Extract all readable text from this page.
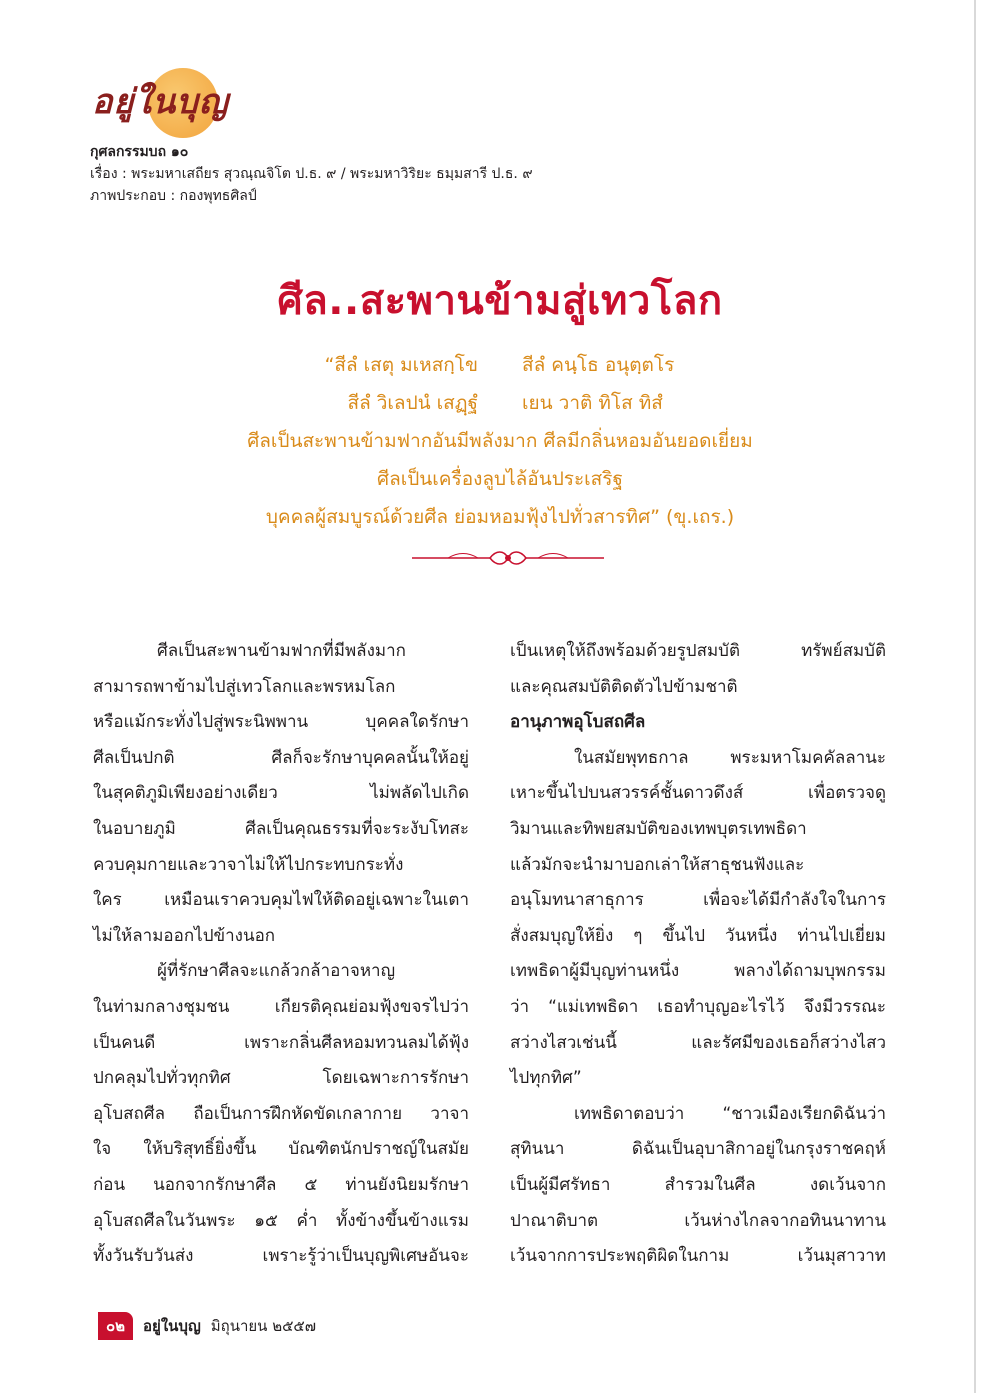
อยู่ในบุญ
กุศลกรรมบถ ๑๐
เรื่อง : พระมหาเสถียร สุวณฺณจิโต ป.ธ. ๙ / พระมหาวิริยะ ธมฺมสารี ป.ธ. ๙
ภาพประกอบ : กองพุทธศิลป์
ศีล..สะพานข้ามสู่เทวโลก
“สีลํ เสตุ มเหสกฺโข สีลํ คนฺโธ อนุตฺตโร
สีลํ วิเลปนํ เสฏฺฐํ เยน วาติ ทิโส ทิสํ
ศีลเป็นสะพานข้ามฟากอันมีพลังมาก ศีลมีกลิ่นหอมอันยอดเยี่ยม
ศีลเป็นเครื่องลูบไล้อันประเสริฐ
บุคคลผู้สมบูรณ์ด้วยศีล ย่อมหอมฟุ้งไปทั่วสารทิศ” (ขุ.เถร.)

ศีลเป็นสะพานข้ามฟากที่มีพลังมาก

สามารถพาข้ามไปสู่เทวโลกและพรหมโลก

หรือแม้กระทั่งไปสู่พระนิพพาน บุคคลใดรักษา

ศีลเป็นปกติ ศีลก็จะรักษาบุคคลนั้นให้อยู่

ในสุคติภูมิเพียงอย่างเดียว ไม่พลัดไปเกิด

ในอบายภูมิ ศีลเป็นคุณธรรมที่จะระงับโทสะ

ควบคุมกายและวาจาไม่ให้ไปกระทบกระทั่ง

ใคร เหมือนเราควบคุมไฟให้ติดอยู่เฉพาะในเตา

ไม่ให้ลามออกไปข้างนอก

ผู้ที่รักษาศีลจะแกล้วกล้าอาจหาญ

ในท่ามกลางชุมชน เกียรติคุณย่อมฟุ้งขจรไปว่า

เป็นคนดี เพราะกลิ่นศีลหอมทวนลมได้ฟุ้ง

ปกคลุมไปทั่วทุกทิศ โดยเฉพาะการรักษา

อุโบสถศีล ถือเป็นการฝึกหัดขัดเกลากาย วาจา

ใจ ให้บริสุทธิ์ยิ่งขึ้น บัณฑิตนักปราชญ์ในสมัย

ก่อน นอกจากรักษาศีล ๕ ท่านยังนิยมรักษา

อุโบสถศีลในวันพระ ๑๕ ค่ำ ทั้งข้างขึ้นข้างแรม

ทั้งวันรับวันส่ง เพราะรู้ว่าเป็นบุญพิเศษอันจะ

เป็นเหตุให้ถึงพร้อมด้วยรูปสมบัติ ทรัพย์สมบัติ

และคุณสมบัติติดตัวไปข้ามชาติ

อานุภาพอุโบสถศีล

ในสมัยพุทธกาล พระมหาโมคคัลลานะ

เหาะขึ้นไปบนสวรรค์ชั้นดาวดึงส์ เพื่อตรวจดู

วิมานและทิพยสมบัติของเทพบุตรเทพธิดา

แล้วมักจะนำมาบอกเล่าให้สาธุชนฟังและ

อนุโมทนาสาธุการ เพื่อจะได้มีกำลังใจในการ

สั่งสมบุญให้ยิ่ง ๆ ขึ้นไป วันหนึ่ง ท่านไปเยี่ยม

เทพธิดาผู้มีบุญท่านหนึ่ง พลางได้ถามบุพกรรม

ว่า “แม่เทพธิดา เธอทำบุญอะไรไว้ จึงมีวรรณะ

สว่างไสวเช่นนี้ และรัศมีของเธอก็สว่างไสว

ไปทุกทิศ”

เทพธิดาตอบว่า “ชาวเมืองเรียกดิฉันว่า

สุทินนา ดิฉันเป็นอุบาสิกาอยู่ในกรุงราชคฤห์

เป็นผู้มีศรัทธา สำรวมในศีล งดเว้นจาก

ปาณาติบาต เว้นห่างไกลจากอทินนาทาน

เว้นจากการประพฤติผิดในกาม เว้นมุสาวาท

๐๒	อยู่ในบุญ มิถุนายน ๒๕๕๗
